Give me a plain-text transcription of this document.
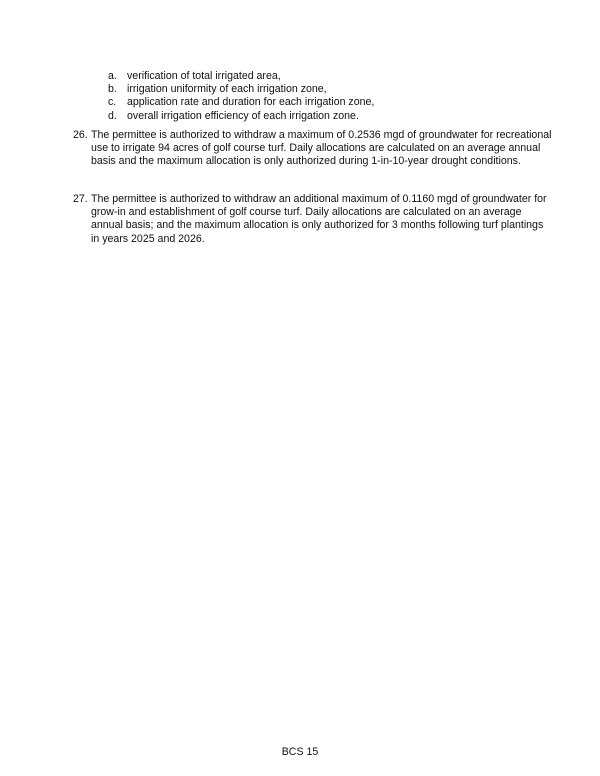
a. verification of total irrigated area,
b. irrigation uniformity of each irrigation zone,
c.	application rate and duration for each irrigation zone,
d. overall irrigation efficiency of each irrigation zone.
26. The permittee is authorized to withdraw a maximum of 0.2536 mgd of groundwater for recreational use to irrigate 94 acres of golf course turf. Daily allocations are calculated on an average annual basis and the maximum allocation is only authorized during 1-in-10-year drought conditions.
27. The permittee is authorized to withdraw an additional maximum of 0.1160 mgd of groundwater for grow-in and establishment of golf course turf. Daily allocations are calculated on an average annual basis; and the maximum allocation is only authorized for 3 months following turf plantings in years 2025 and 2026.
BCS 15
